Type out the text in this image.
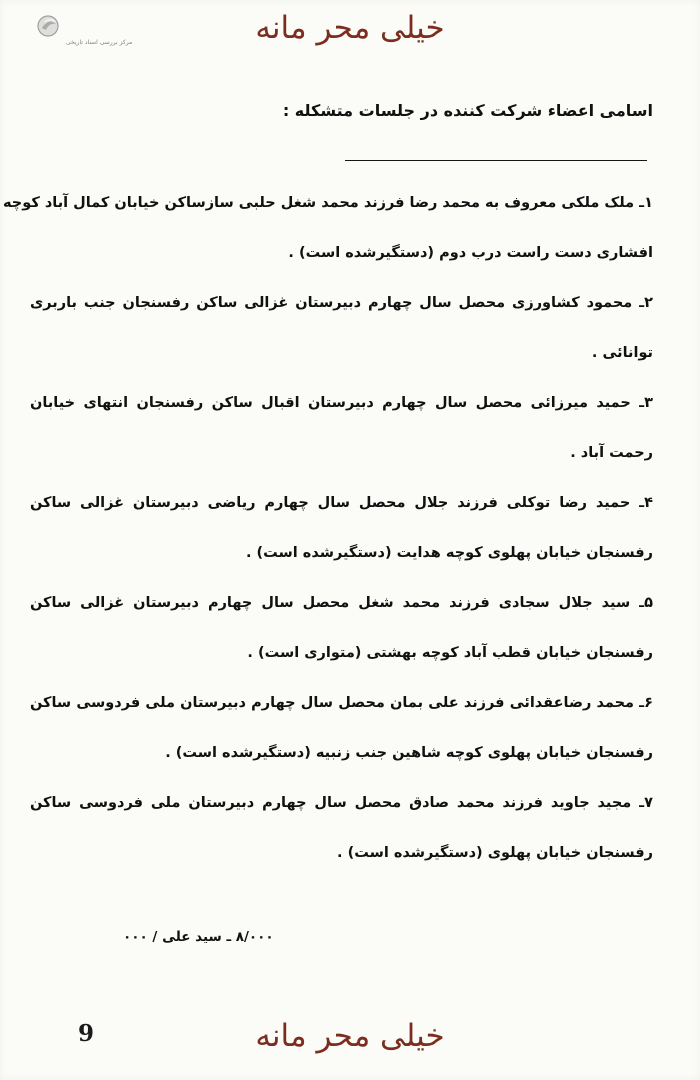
مرکز بررسی اسناد تاریخی	خیلی محر مانه
اسامی اعضاء شرکت کننده در جلسات متشکله :
۱ـ ملک ملکی معروف به محمد رضا فرزند محمد شغل حلبی سازساکن خیابان کمال آباد کوچه
افشاری دست راست درب دوم (دستگیرشده است) .
۲ـ محمود کشاورزی محصل سال چهارم دبیرستان غزالی ساکن رفسنجان جنب باربری
توانائی .
۳ـ حمید میرزائی محصل سال چهارم دبیرستان اقبال ساکن رفسنجان انتهای خیابان
رحمت آباد .
۴ـ حمید رضا توکلی فرزند جلال محصل سال چهارم ریاضی دبیرستان غزالی ساکن
رفسنجان خیابان پهلوی کوچه هدایت (دستگیرشده است) .
۵ـ سید جلال سجادی فرزند محمد شغل محصل سال چهارم دبیرستان غزالی ساکن
رفسنجان خیابان قطب آباد کوچه بهشتی (متواری است) .
۶ـ محمد رضاعقدائی فرزند علی بمان محصل سال چهارم دبیرستان ملی فردوسی ساکن
رفسنجان خیابان پهلوی کوچه شاهین جنب زنبیه (دستگیرشده است) .
۷ـ مجید جاوید فرزند محمد صادق محصل سال چهارم دبیرستان ملی فردوسی ساکن
رفسنجان خیابان پهلوی (دستگیرشده است) .
۸/۰۰۰ ـ سید علی / ۰۰۰
9	خیلی محر مانه
